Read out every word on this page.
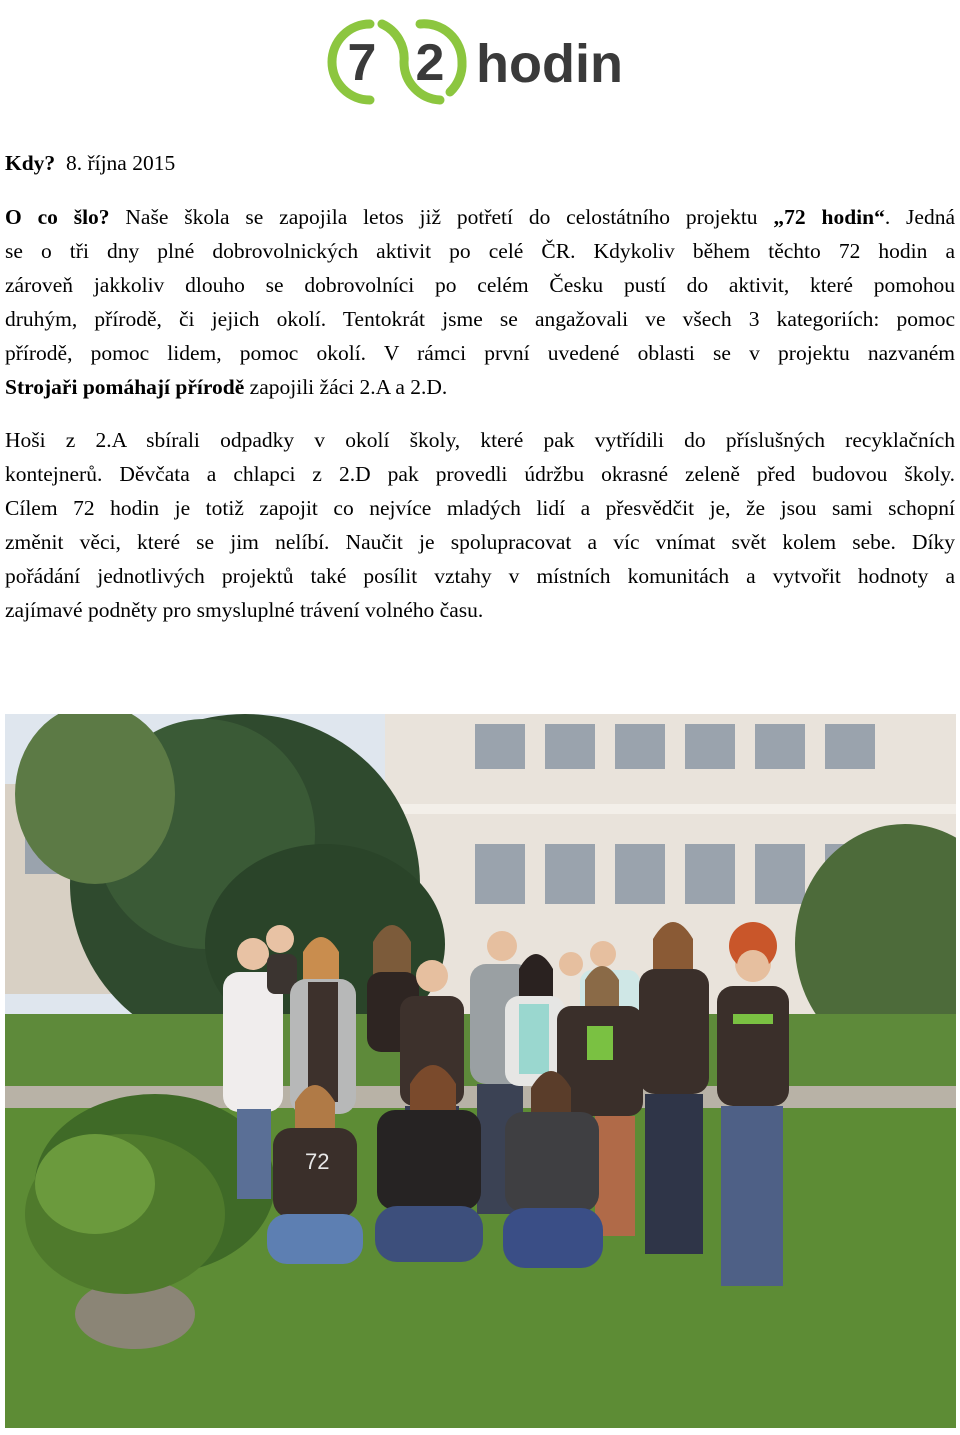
7 2 hodin
Kdy? 8. října 2015
O co šlo? Naše škola se zapojila letos již potřetí do celostátního projektu „72 hodin“. Jedná
se o tři dny plné dobrovolnických aktivit po celé ČR. Kdykoliv během těchto 72 hodin a
zároveň jakkoliv dlouho se dobrovolníci po celém Česku pustí do aktivit, které pomohou
druhým, přírodě, či jejich okolí. Tentokrát jsme se angažovali ve všech 3 kategoriích: pomoc
přírodě, pomoc lidem, pomoc okolí. V rámci první uvedené oblasti se v projektu nazvaném
Strojaři pomáhají přírodě zapojili žáci 2.A a 2.D.
Hoši z 2.A sbírali odpadky v okolí školy, které pak vytřídili do příslušných recyklačních
kontejnerů. Děvčata a chlapci z 2.D pak provedli údržbu okrasné zeleně před budovou školy.
Cílem 72 hodin je totiž zapojit co nejvíce mladých lidí a přesvědčit je, že jsou sami schopní
změnit věci, které se jim nelíbí. Naučit je spolupracovat a víc vnímat svět kolem sebe. Díky
pořádání jednotlivých projektů také posílit vztahy v místních komunitách a vytvořit hodnoty a
zajímavé podněty pro smysluplné trávení volného času.
72
